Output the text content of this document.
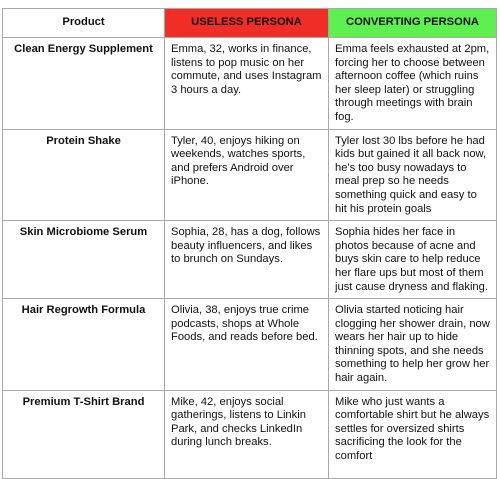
Product	USELESS PERSONA	CONVERTING PERSONA
Clean Energy Supplement	Emma, 32, works in finance, listens to pop music on her commute, and uses Instagram 3 hours a day.	Emma feels exhausted at 2pm, forcing her to choose between afternoon coffee (which ruins her sleep later) or struggling through meetings with brain fog.
Protein Shake	Tyler, 40, enjoys hiking on weekends, watches sports, and prefers Android over iPhone.	Tyler lost 30 lbs before he had kids but gained it all back now, he's too busy nowadays to meal prep so he needs something quick and easy to hit his protein goals
Skin Microbiome Serum	Sophia, 28, has a dog, follows beauty influencers, and likes to brunch on Sundays.	Sophia hides her face in photos because of acne and buys skin care to help reduce her flare ups but most of them just cause dryness and flaking.
Hair Regrowth Formula	Olivia, 38, enjoys true crime podcasts, shops at Whole Foods, and reads before bed.	Olivia started noticing hair clogging her shower drain, now wears her hair up to hide thinning spots, and she needs something to help her grow her hair again.
Premium T-Shirt Brand	Mike, 42, enjoys social gatherings, listens to Linkin Park, and checks LinkedIn during lunch breaks.	Mike who just wants a comfortable shirt but he always settles for oversized shirts sacrificing the look for the comfort
